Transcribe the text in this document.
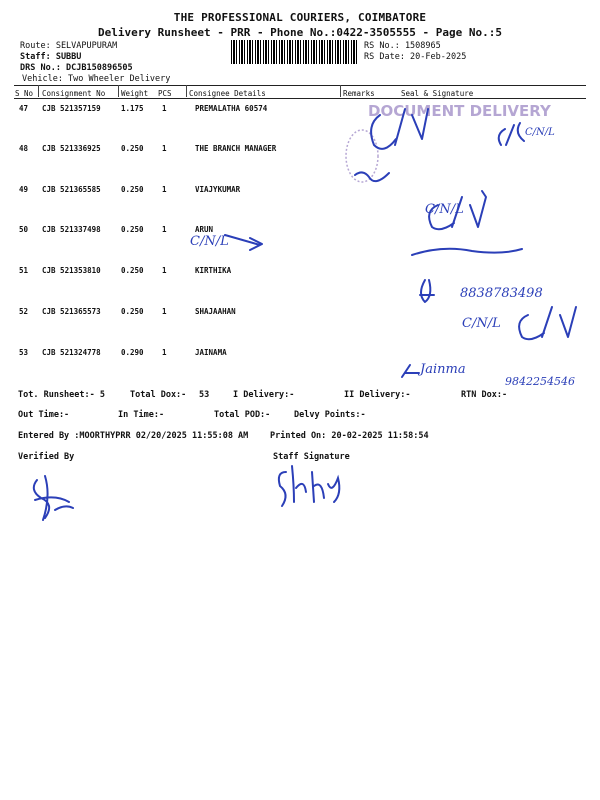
THE PROFESSIONAL COURIERS, COIMBATORE
Delivery Runsheet - PRR - Phone No.:0422-3505555 - Page No.:5
Route: SELVAPUPURAM
Staff: SUBBU
DRS No.: DCJB150896505
Vehicle: Two Wheeler Delivery
RS No.: 1508965
RS Date: 20-Feb-2025
S No Consignment No Weight PCS Consignee Details	Remarks	Seal & Signature
47 CJB 521357159	1.175 1	PREMALATHA 60574
48 CJB 521336925	0.250 1	THE BRANCH MANAGER
49 CJB 521365585	0.250 1	VIAJYKUMAR
50 CJB 521337498	0.250 1	ARUN
51 CJB 521353810	0.250 1	KIRTHIKA
52 CJB 521365573	0.250 1	SHAJAAHAN
53 CJB 521324778	0.290 1	JAINAMA
DOCUMENT DELIVERY
C/N/L
C/N/L
C/N/L
C/N/L
8838783498
Jainma
9842254546
Tot. Runsheet:- 5	Total Dox:- 53	I Delivery:-	II Delivery:-	RTN Dox:-
Out Time:-	In Time:-	Total POD:-	Delvy Points:-
Entered By :MOORTHYPRR 02/20/2025 11:55:08 AM	Printed On: 20-02-2025 11:58:54
Verified By	Staff Signature
